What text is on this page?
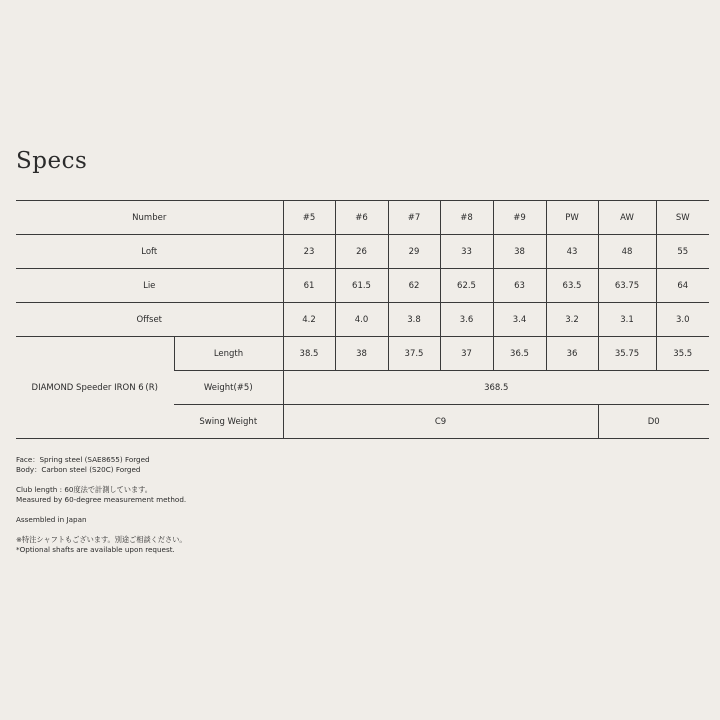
Specs
Number		#5	#6	#7	#8	#9	PW	AW	SW
Loft		23	26	29	33	38	43	48	55
Lie		61	61.5	62	62.5	63	63.5	63.75	64
Offset		4.2	4.0	3.8	3.6	3.4	3.2	3.1	3.0
DIAMOND Speeder IRON 6 (R)	Length	38.5	38	37.5	37	36.5	36	35.75	35.5
	Weight(#5)	368.5							
	Swing Weight	C9						D0	

Face：Spring steel (SAE8655) Forged

Body：Carbon steel (S20C) Forged

Club length : 60度法で計測しています。

Measured by 60-degree measurement method.

Assembled in Japan

※特注シャフトもございます。別途ご相談ください。

*Optional shafts are available upon request.
